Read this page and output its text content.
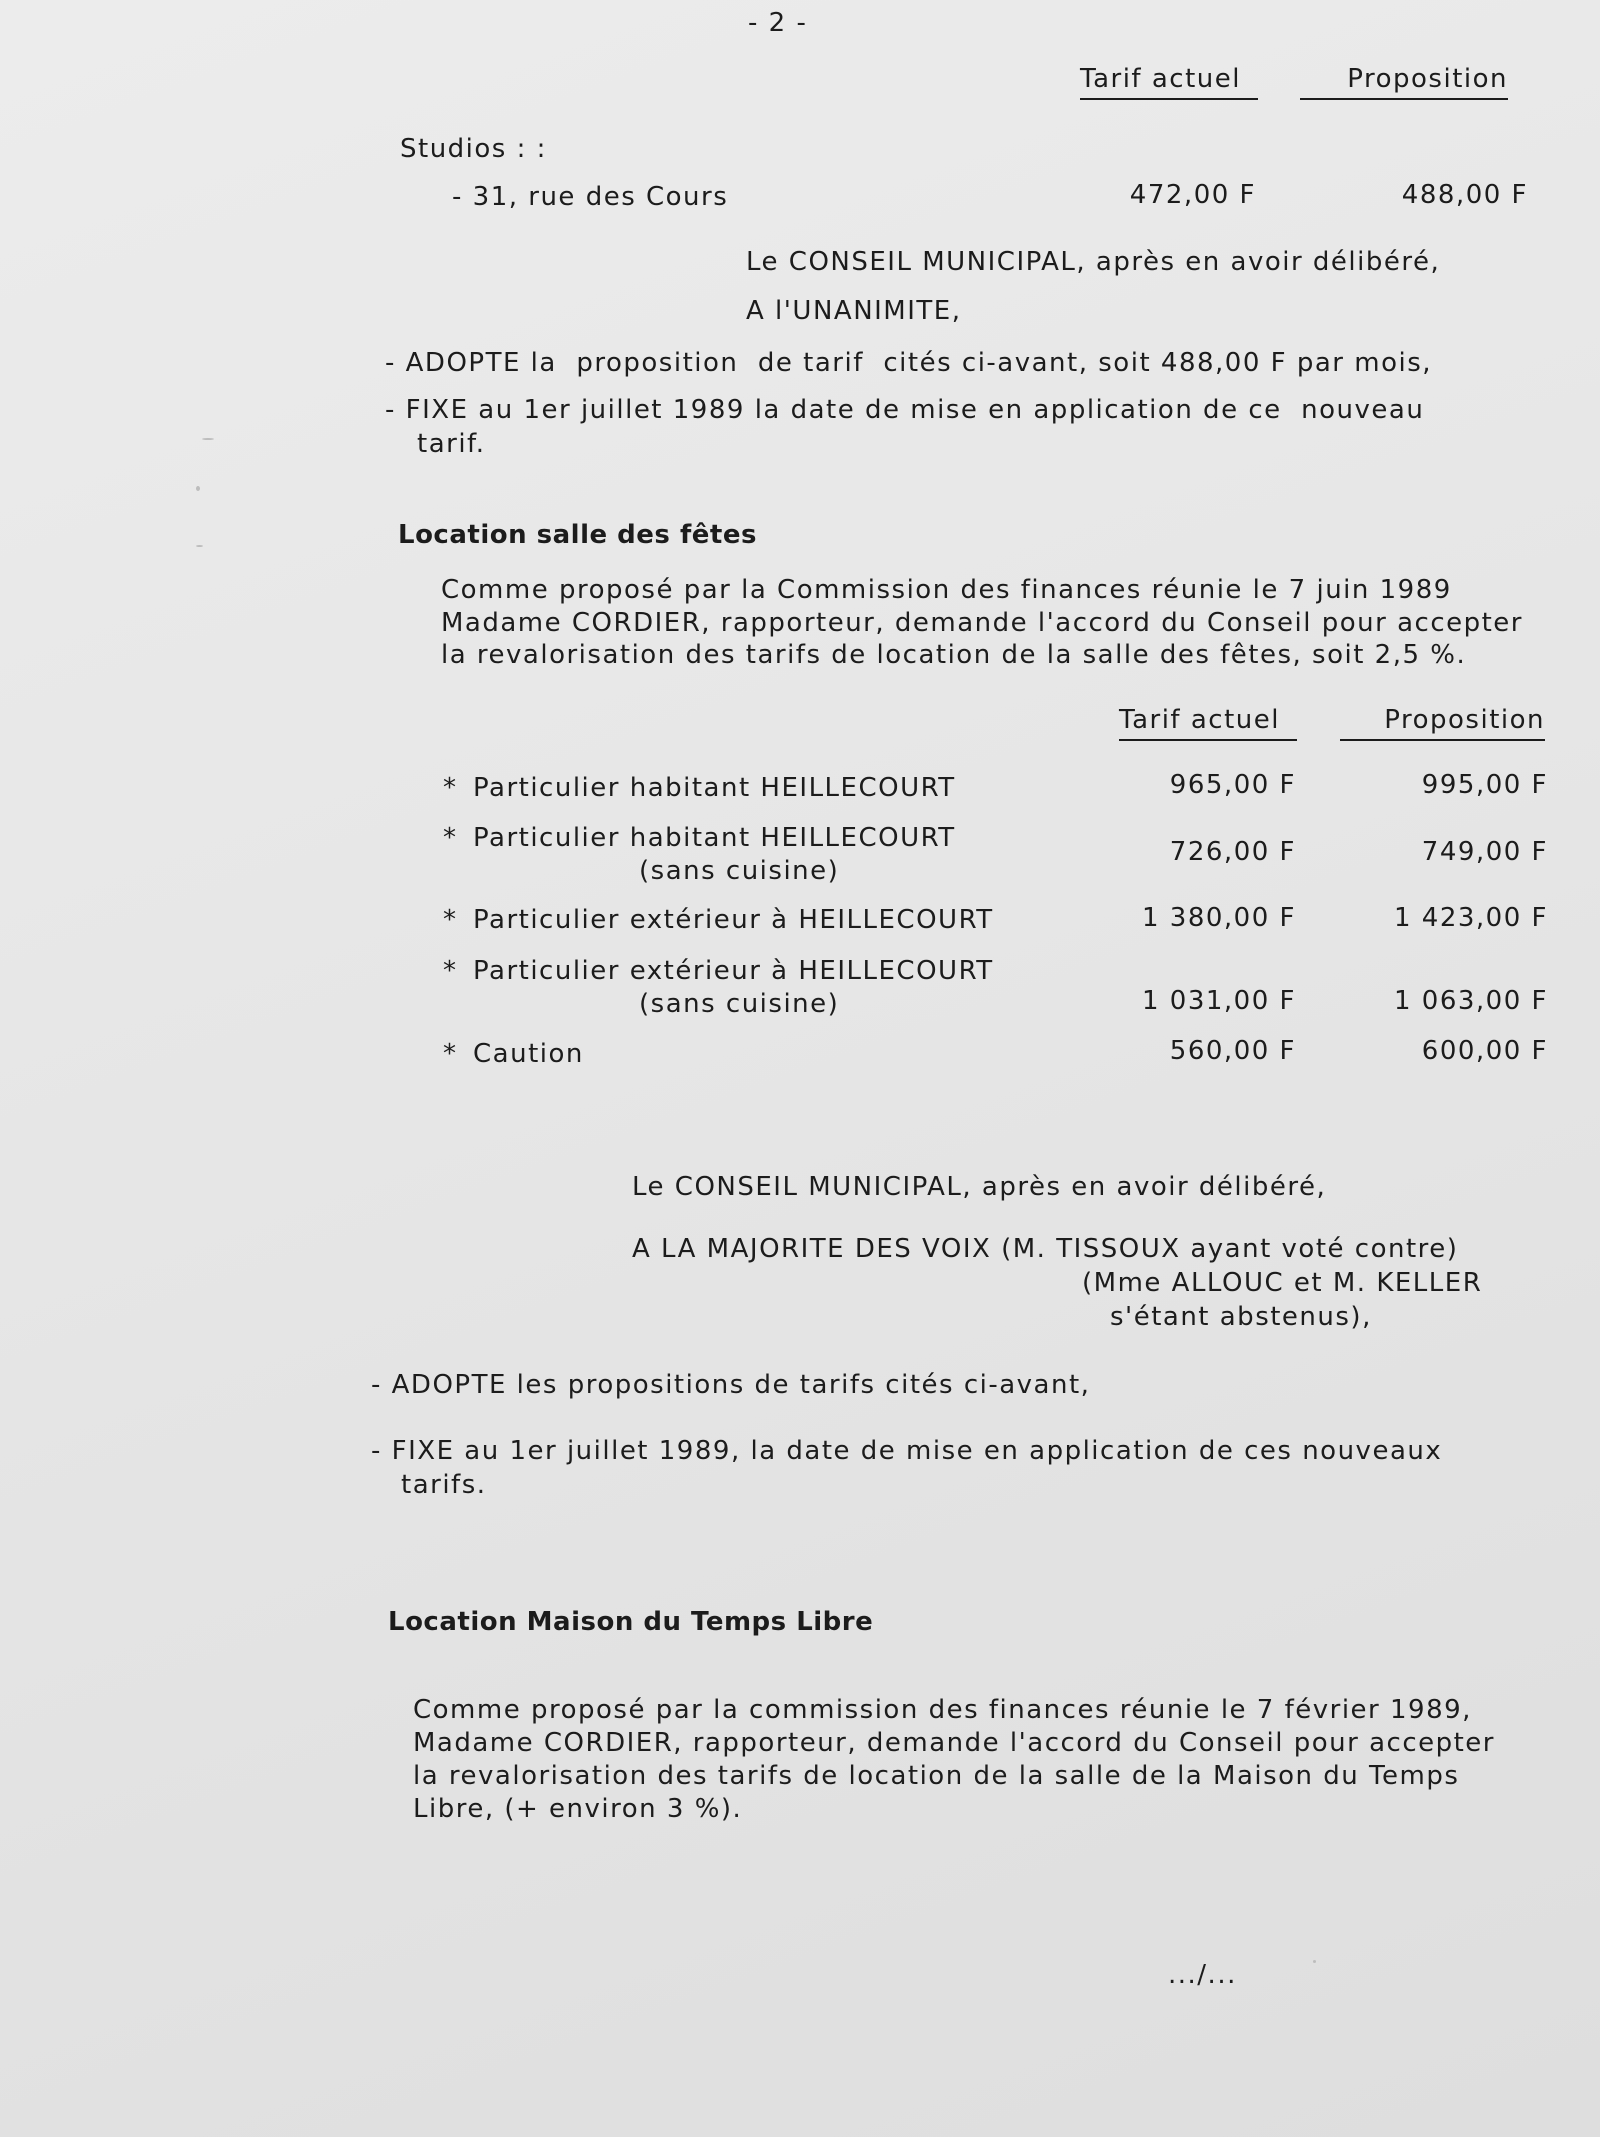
- 2 -
Tarif actuel	Proposition
Studios : :
- 31, rue des Cours	472,00 F	488,00 F
Le CONSEIL MUNICIPAL, après en avoir délibéré,
A l'UNANIMITE,
- ADOPTE la  proposition  de tarif  cités ci-avant, soit 488,00 F par mois,
- FIXE au 1er juillet 1989 la date de mise en application de ce  nouveau
tarif.
Location salle des fêtes
Comme proposé par la Commission des finances réunie le 7 juin 1989
Madame CORDIER, rapporteur, demande l'accord du Conseil pour accepter
la revalorisation des tarifs de location de la salle des fêtes, soit 2,5 %.
Tarif actuel	Proposition
* Particulier habitant HEILLECOURT	965,00 F	995,00 F
* Particulier habitant HEILLECOURT
(sans cuisine)
726,00 F	749,00 F
* Particulier extérieur à HEILLECOURT	1 380,00 F	1 423,00 F
* Particulier extérieur à HEILLECOURT
(sans cuisine)	1 031,00 F	1 063,00 F
* Caution	560,00 F	600,00 F
Le CONSEIL MUNICIPAL, après en avoir délibéré,
A LA MAJORITE DES VOIX (M. TISSOUX ayant voté contre)
(Mme ALLOUC et M. KELLER
s'étant abstenus),
- ADOPTE les propositions de tarifs cités ci-avant,
- FIXE au 1er juillet 1989, la date de mise en application de ces nouveaux
tarifs.
Location Maison du Temps Libre
Comme proposé par la commission des finances réunie le 7 février 1989,
Madame CORDIER, rapporteur, demande l'accord du Conseil pour accepter
la revalorisation des tarifs de location de la salle de la Maison du Temps
Libre, (+ environ 3 %).
.../...
